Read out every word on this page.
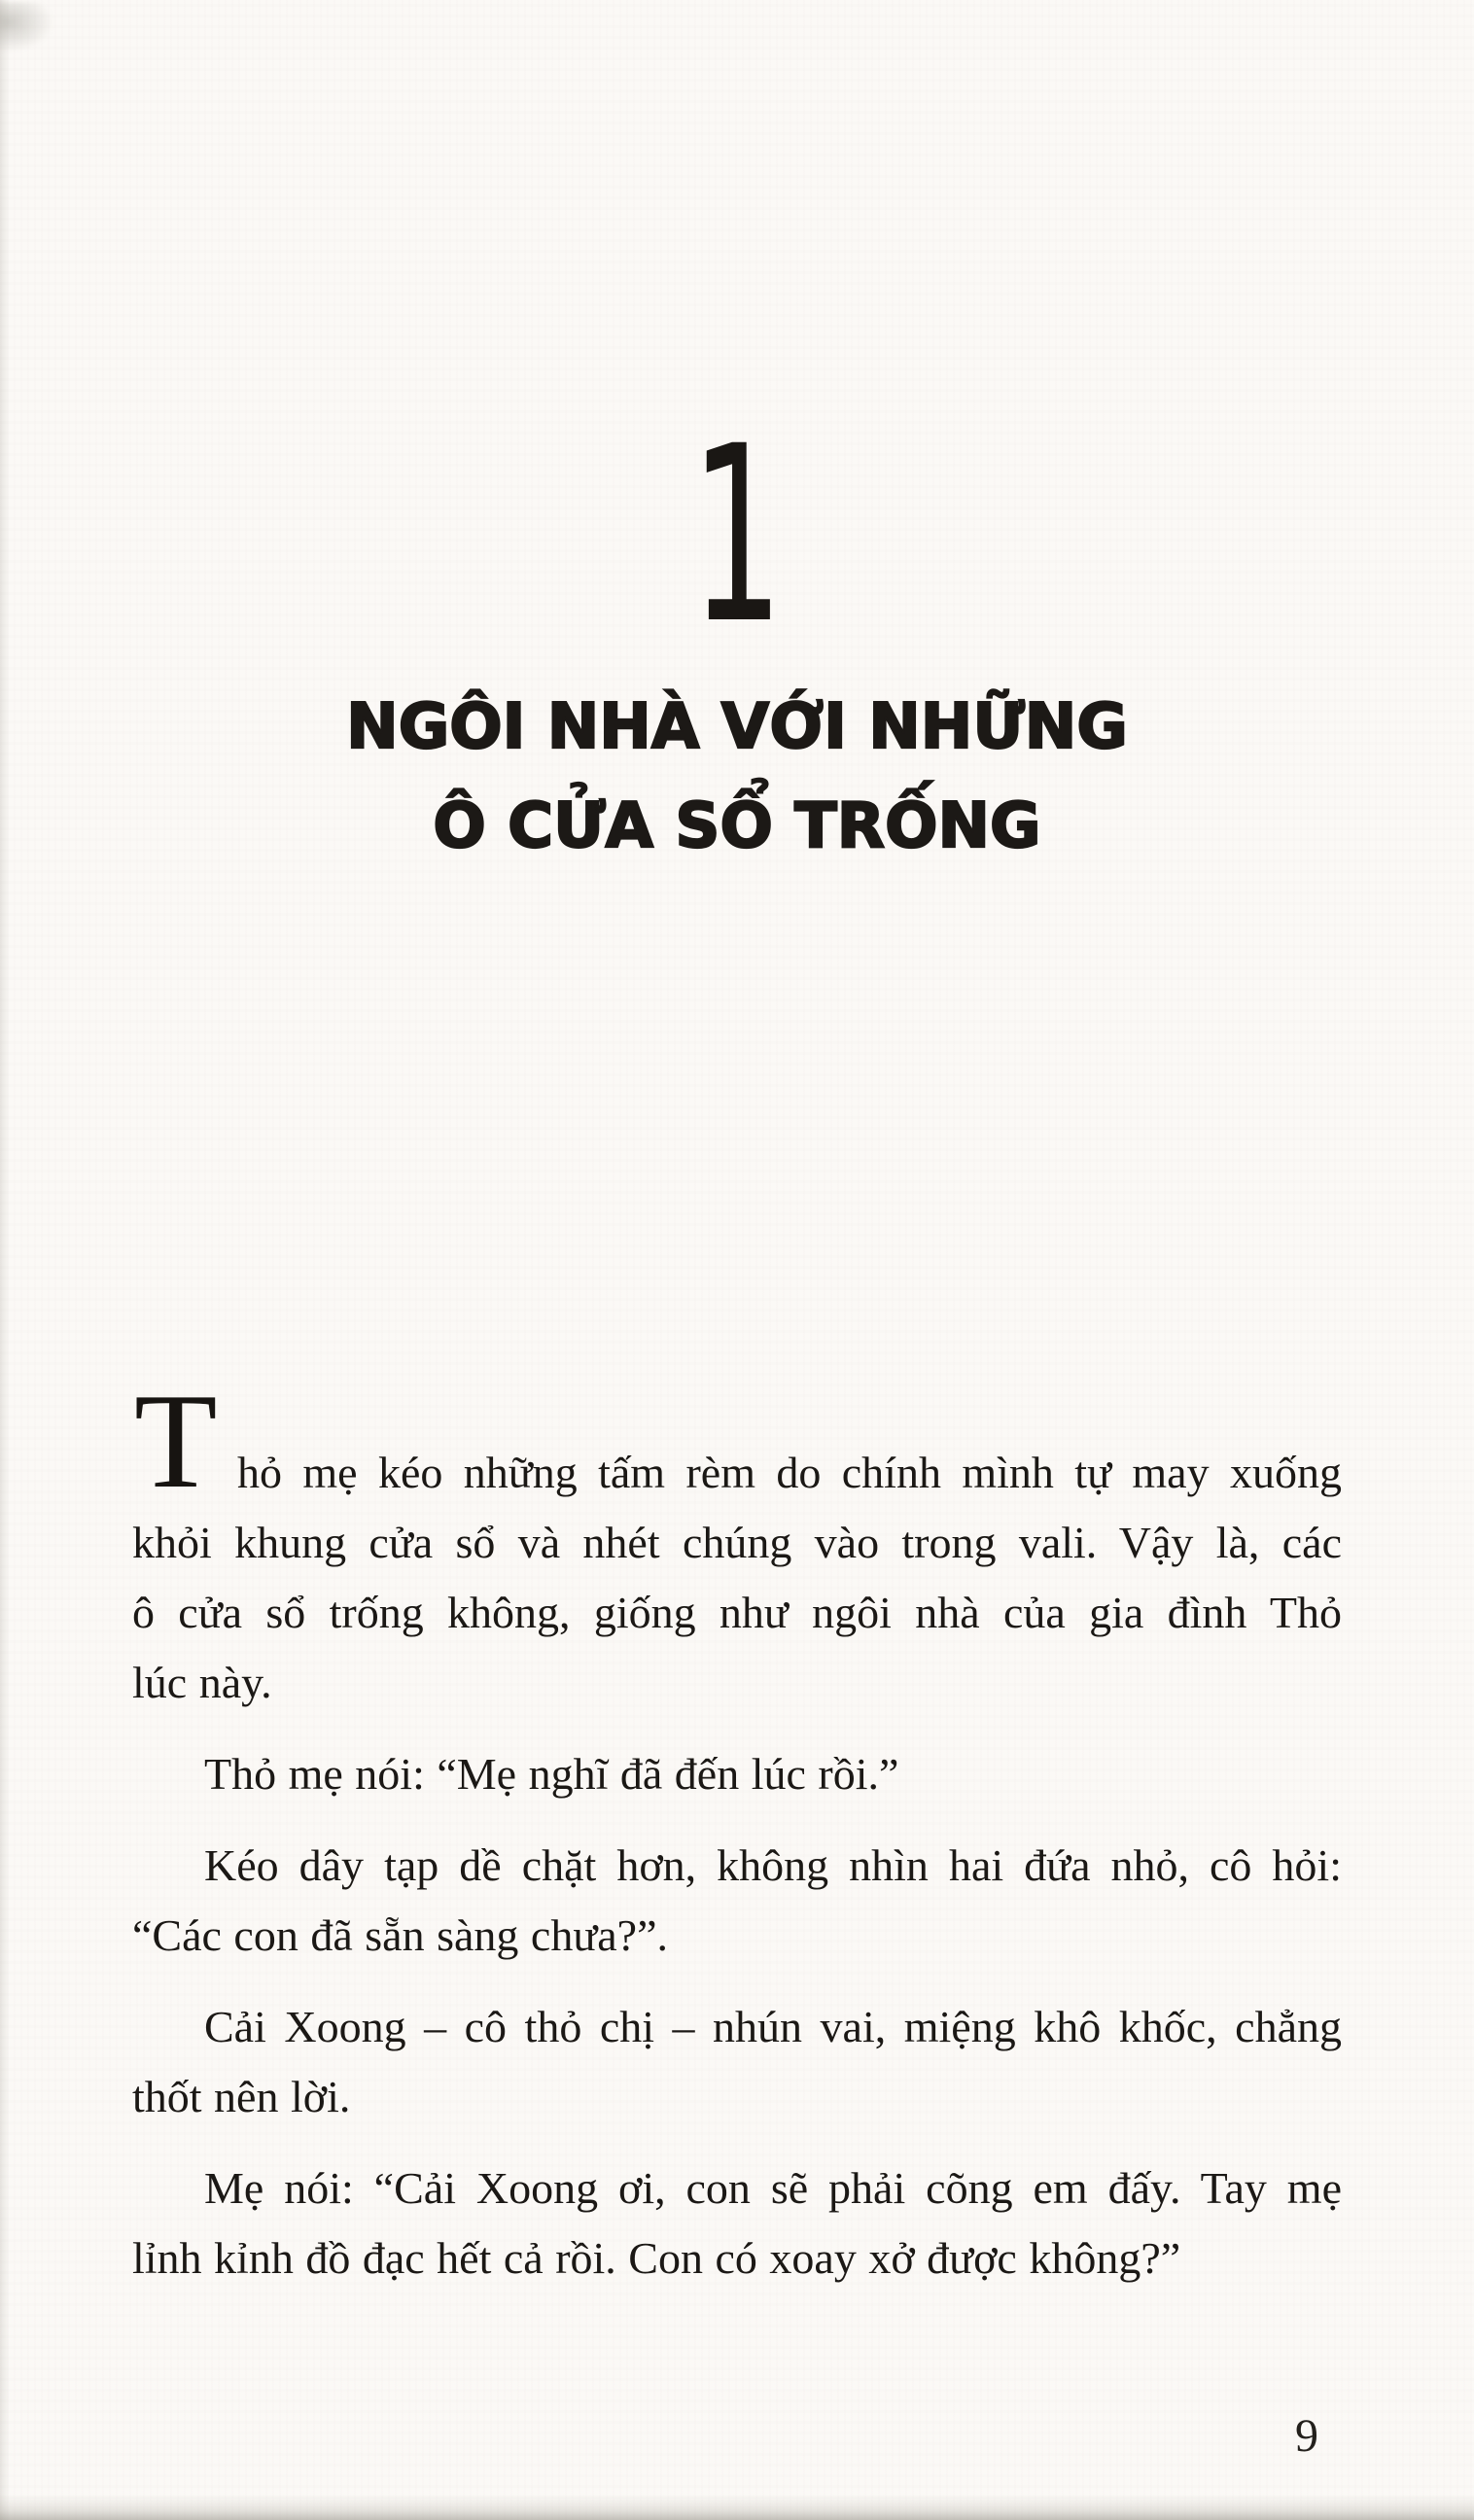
1
NGÔI NHÀ VỚI NHỮNG
Ô CỬA SỔ TRỐNG
T hỏ mẹ kéo những tấm rèm do chính mình tự may xuống
khỏi khung cửa sổ và nhét chúng vào trong vali. Vậy là, các
ô cửa sổ trống không, giống như ngôi nhà của gia đình Thỏ
lúc này.
Thỏ mẹ nói: “Mẹ nghĩ đã đến lúc rồi.”
Kéo dây tạp dề chặt hơn, không nhìn hai đứa nhỏ, cô hỏi:
“Các con đã sẵn sàng chưa?”.
Cải Xoong – cô thỏ chị – nhún vai, miệng khô khốc, chẳng
thốt nên lời.
Mẹ nói: “Cải Xoong ơi, con sẽ phải cõng em đấy. Tay mẹ
lỉnh kỉnh đồ đạc hết cả rồi. Con có xoay xở được không?”
9
